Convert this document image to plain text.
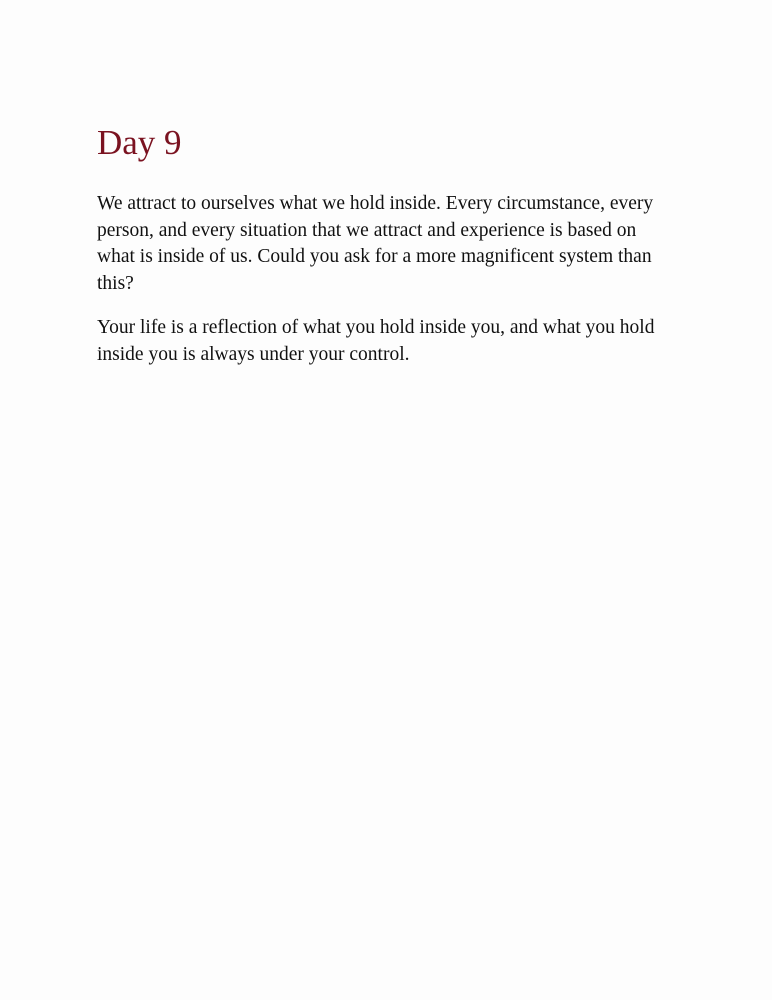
Day 9

We attract to ourselves what we hold inside. Every circumstance, every person, and every situation that we attract and experience is based on what is inside of us. Could you ask for a more magnificent system than this?

Your life is a reflection of what you hold inside you, and what you hold inside you is always under your control.
